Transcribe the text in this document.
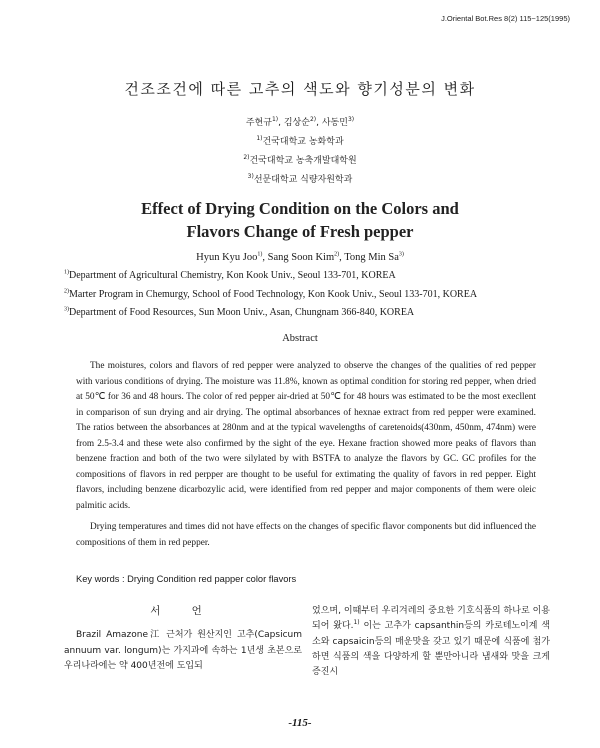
J.Oriental Bot.Res 8(2) 115~125(1995)
건조조건에 따른 고추의 색도와 향기성분의 변화
주현규$^{1)}$, 김상순$^{2)}$, 사동민$^{3)}$
$^{1)}$건국대학교 농화학과
$^{2)}$건국대학교 농축개발대학원
$^{3)}$선문대학교 식량자원학과
Effect of Drying Condition on the Colors and
Flavors Change of Fresh pepper
Hyun Kyu Joo$^{1)}$, Sang Soon Kim$^{2)}$, Tong Min Sa$^{3)}$
$^{1)}$Department of Agricultural Chemistry, Kon Kook Univ., Seoul 133-701, KOREA
$^{2)}$Marter Program in Chemurgy, School of Food Technology, Kon Kook Univ., Seoul 133-701, KOREA
$^{3)}$Department of Food Resources, Sun Moon Univ., Asan, Chungnam 366-840, KOREA
Abstract

The moistures, colors and flavors of red pepper were analyzed to observe the changes of the qualities of red pepper with various conditions of drying. The moisture was 11.8%, known as optimal condition for storing red pepper, when dried at 50℃ for 36 and 48 hours. The color of red pepper air-dried at 50℃ for 48 hours was estimated to be the most execllent in comparison of sun drying and air drying. The optimal absorbances of hexnae extract from red pepper were examined. The ratios between the absorbances at 280nm and at the typical wavelengths of caretenoids(430nm, 450nm, 474nm) were from 2.5-3.4 and these wete also confirmed by the sight of the eye. Hexane fraction showed more peaks of flavors than benzene fraction and both of the two were silylated by with BSTFA to analyze the flavors by GC. GC profiles for the compositions of flavors in red perpper are thought to be useful for extimating the quality of favors in red pepper. Eight flavors, including benzene dicarbozylic acid, were identified from red pepper and major components of them were oleic palmitic acids.

Drying temperatures and times did not have effects on the changes of specific flavor components but did influenced the compositions of them in red pepper.

Key words : Drying Condition red papper color flavors
서 언

Brazil Amazone江 근처가 원산지인 고추(Capsicum annuum var. longum)는 가지과에 속하는 1년생 초본으로 우리나라에는 약 400년전에 도입되

었으며, 이때부터 우리겨레의 중요한 기호식품의 하나로 이용되어 왔다.$^{1)}$ 이는 고추가 capsanthin등의 카로테노이계 색소와 capsaicin등의 매운맛을 갖고 있기 때문에 식품에 첨가하면 식품의 색을 다양하게 할 뿐만아니라 냄새와 맛을 크게 증진시

-115-
